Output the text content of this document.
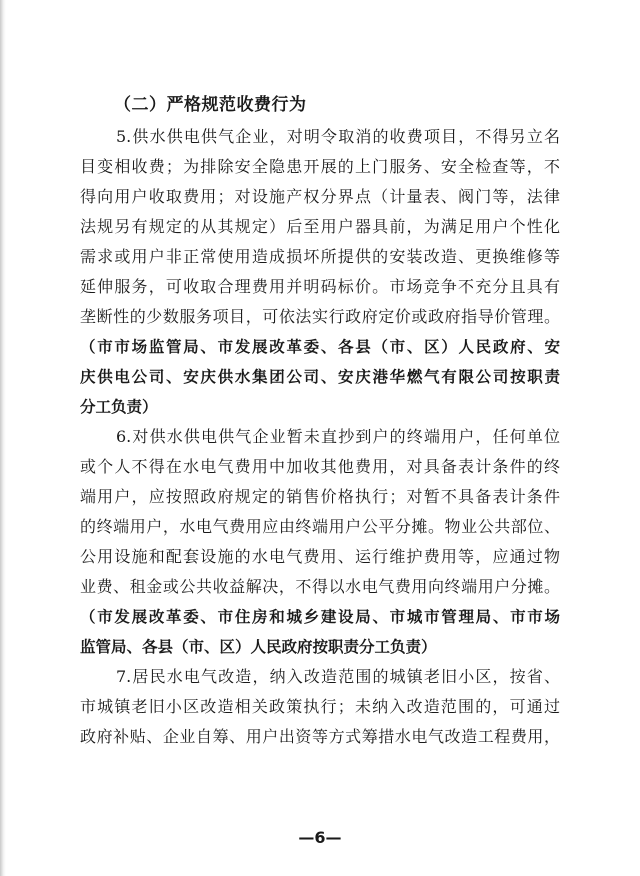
（二）严格规范收费行为
5.供水供电供气企业，对明令取消的收费项目，不得另立名
目变相收费；为排除安全隐患开展的上门服务、安全检查等，不
得向用户收取费用；对设施产权分界点（计量表、阀门等，法律
法规另有规定的从其规定）后至用户器具前，为满足用户个性化
需求或用户非正常使用造成损坏所提供的安装改造、更换维修等
延伸服务，可收取合理费用并明码标价。市场竞争不充分且具有
垄断性的少数服务项目，可依法实行政府定价或政府指导价管理。
（市市场监管局、市发展改革委、各县（市、区）人民政府、安
庆供电公司、安庆供水集团公司、安庆港华燃气有限公司按职责
分工负责）
6.对供水供电供气企业暂未直抄到户的终端用户，任何单位
或个人不得在水电气费用中加收其他费用，对具备表计条件的终
端用户，应按照政府规定的销售价格执行；对暂不具备表计条件
的终端用户，水电气费用应由终端用户公平分摊。物业公共部位、
公用设施和配套设施的水电气费用、运行维护费用等，应通过物
业费、租金或公共收益解决，不得以水电气费用向终端用户分摊。
（市发展改革委、市住房和城乡建设局、市城市管理局、市市场
监管局、各县（市、区）人民政府按职责分工负责）
7.居民水电气改造，纳入改造范围的城镇老旧小区，按省、
市城镇老旧小区改造相关政策执行；未纳入改造范围的，可通过
政府补贴、企业自筹、用户出资等方式筹措水电气改造工程费用，
—6—
